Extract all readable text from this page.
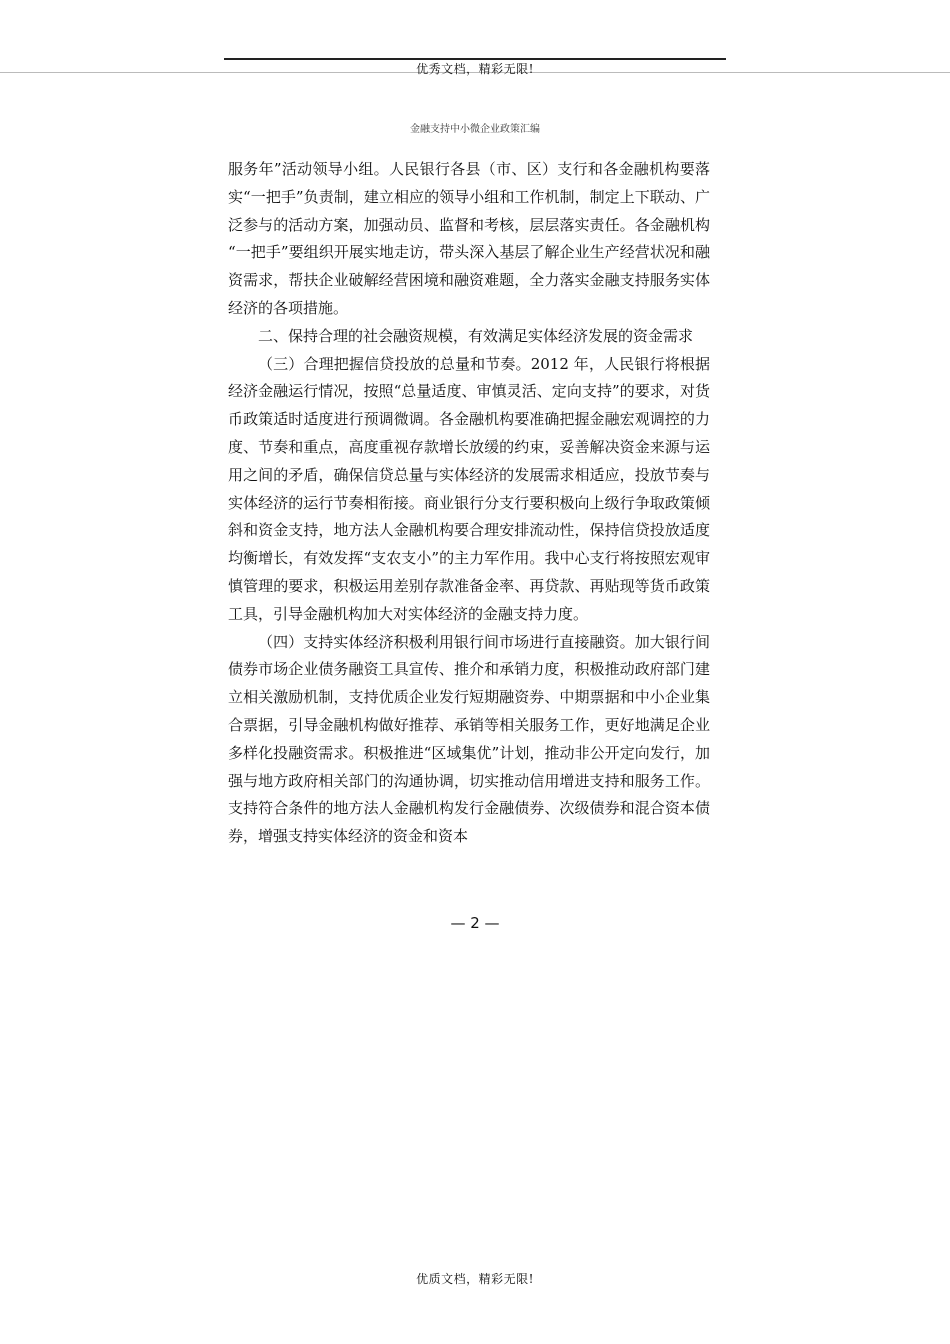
优秀文档，精彩无限!
金融支持中小微企业政策汇编

服务年”活动领导小组。人民银行各县（市、区）支行和各金融机构要落实“一把手”负责制，建立相应的领导小组和工作机制，制定上下联动、广泛参与的活动方案，加强动员、监督和考核，层层落实责任。各金融机构 “一把手”要组织开展实地走访，带头深入基层了解企业生产经营状况和融资需求，帮扶企业破解经营困境和融资难题，全力落实金融支持服务实体经济的各项措施。

二、保持合理的社会融资规模，有效满足实体经济发展的资金需求

（三）合理把握信贷投放的总量和节奏。2012 年，人民银行将根据经济金融运行情况，按照“总量适度、审慎灵活、定向支持”的要求，对货币政策适时适度进行预调微调。各金融机构要准确把握金融宏观调控的力度、节奏和重点，高度重视存款增长放缓的约束，妥善解决资金来源与运用之间的矛盾，确保信贷总量与实体经济的发展需求相适应，投放节奏与实体经济的运行节奏相衔接。商业银行分支行要积极向上级行争取政策倾斜和资金支持，地方法人金融机构要合理安排流动性，保持信贷投放适度均衡增长，有效发挥“支农支小”的主力军作用。我中心支行将按照宏观审慎管理的要求，积极运用差别存款准备金率、再贷款、再贴现等货币政策工具，引导金融机构加大对实体经济的金融支持力度。

（四）支持实体经济积极利用银行间市场进行直接融资。加大银行间债券市场企业债务融资工具宣传、推介和承销力度，积极推动政府部门建立相关激励机制，支持优质企业发行短期融资券、中期票据和中小企业集合票据，引导金融机构做好推荐、承销等相关服务工作，更好地满足企业多样化投融资需求。积极推进“区域集优”计划，推动非公开定向发行，加强与地方政府相关部门的沟通协调，切实推动信用增进支持和服务工作。支持符合条件的地方法人金融机构发行金融债券、次级债券和混合资本债券，增强支持实体经济的资金和资本

— 2 —
优质文档，精彩无限!
